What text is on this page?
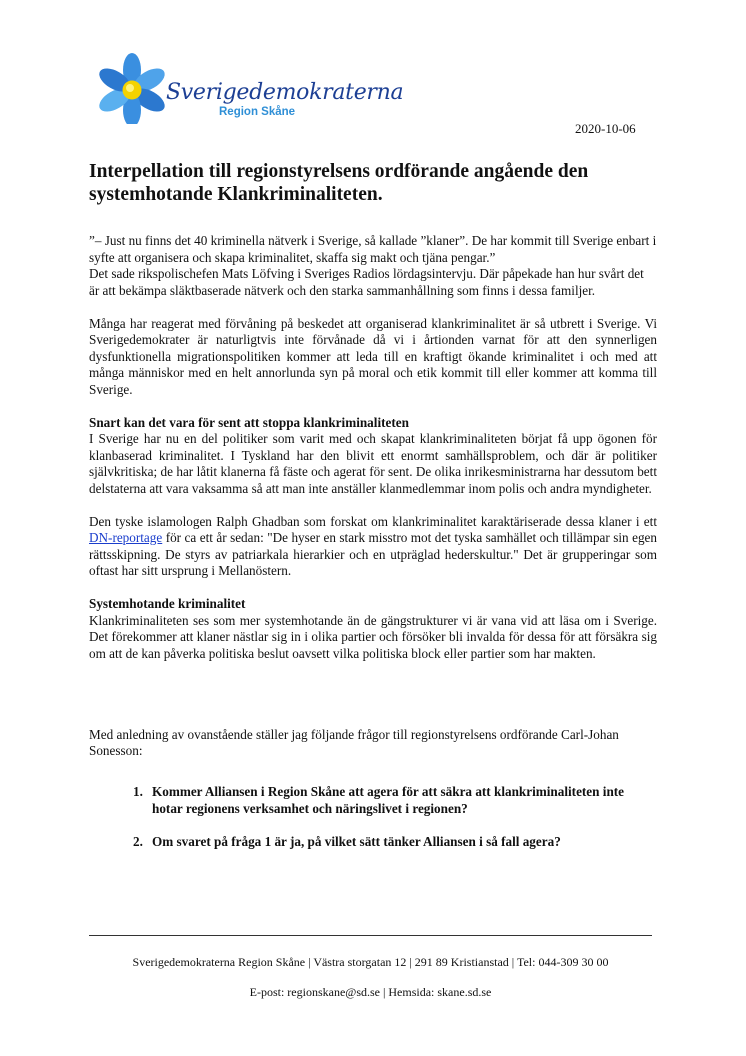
Sverigedemokraterna
Region Skåne
2020-10-06
Interpellation till regionstyrelsens ordförande angående den systemhotande Klankriminaliteten.

”– Just nu finns det 40 kriminella nätverk i Sverige, så kallade ”klaner”. De har kommit till Sverige enbart i syfte att organisera och skapa kriminalitet, skaffa sig makt och tjäna pengar.”

Det sade rikspolischefen Mats Löfving i Sveriges Radios lördagsintervju. Där påpekade han hur svårt det är att bekämpa släktbaserade nätverk och den starka sammanhållning som finns i dessa familjer.

Många har reagerat med förvåning på beskedet att organiserad klankriminalitet är så utbrett i Sverige. Vi Sverigedemokrater är naturligtvis inte förvånade då vi i årtionden varnat för att den synnerligen dysfunktionella migrationspolitiken kommer att leda till en kraftigt ökande kriminalitet i och med att många människor med en helt annorlunda syn på moral och etik kommit till eller kommer att komma till Sverige.

Snart kan det vara för sent att stoppa klankriminaliteten

I Sverige har nu en del politiker som varit med och skapat klankriminaliteten börjat få upp ögonen för klanbaserad kriminalitet. I Tyskland har den blivit ett enormt samhällsproblem, och där är politiker självkritiska; de har låtit klanerna få fäste och agerat för sent. De olika inrikesministrarna har dessutom bett delstaterna att vara vaksamma så att man inte anställer klanmedlemmar inom polis och andra myndigheter.

Den tyske islamologen Ralph Ghadban som forskat om klankriminalitet karaktäriserade dessa klaner i ett DN-reportage för ca ett år sedan: "De hyser en stark misstro mot det tyska samhället och tillämpar sin egen rättsskipning. De styrs av patriarkala hierarkier och en utpräglad hederskultur." Det är grupperingar som oftast har sitt ursprung i Mellanöstern.

Systemhotande kriminalitet

Klankriminaliteten ses som mer systemhotande än de gängstrukturer vi är vana vid att läsa om i Sverige. Det förekommer att klaner nästlar sig in i olika partier och försöker bli invalda för dessa för att försäkra sig om att de kan påverka politiska beslut oavsett vilka politiska block eller partier som har makten.

Med anledning av ovanstående ställer jag följande frågor till regionstyrelsens ordförande Carl-Johan Sonesson:

1. Kommer Alliansen i Region Skåne att agera för att säkra att klankriminaliteten inte hotar regionens verksamhet och näringslivet i regionen?
2. Om svaret på fråga 1 är ja, på vilket sätt tänker Alliansen i så fall agera?
Sverigedemokraterna Region Skåne | Västra storgatan 12 | 291 89 Kristianstad | Tel: 044-309 30 00
E-post: regionskane@sd.se | Hemsida: skane.sd.se
